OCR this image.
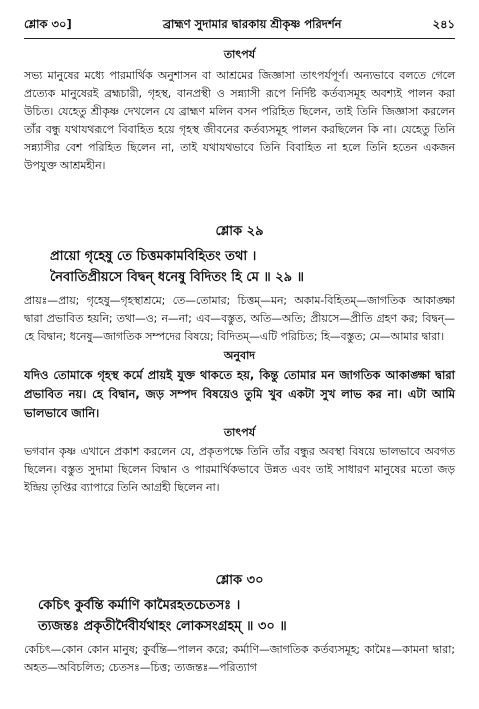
শ্লোক ৩০]	ব্রাহ্মণ সুদামার দ্বারকায় শ্রীকৃষ্ণ পরিদর্শন	২৪১
তাৎপর্য

সভ্য মানুষের মধ্যে পারমার্থিক অনুশাসন বা আশ্রমের জিজ্ঞাসা তাৎপর্যপূর্ণ। অন্যভাবে বলতে গেলে প্রত্যেক মানুষেরই ব্রহ্মচারী, গৃহস্থ, বানপ্রস্থী ও সন্ন্যাসী রূপে নির্দিষ্ট কর্তব্যসমূহ অবশ্যই পালন করা উচিত। যেহেতু শ্রীকৃষ্ণ দেখলেন যে ব্রাহ্মণ মলিন বসন পরিহিত ছিলেন, তাই তিনি জিজ্ঞাসা করলেন তাঁর বন্ধু যথাযথরূপে বিবাহিত হয়ে গৃহস্থ জীবনের কর্তব্যসমূহ পালন করছিলেন কি না। যেহেতু তিনি সন্ন্যাসীর বেশ পরিহিত ছিলেন না, তাই যথাযথভাবে তিনি বিবাহিত না হলে তিনি হতেন একজন উপযুক্ত আশ্রমহীন।

শ্লোক ২৯
প্রায়ো গৃহেষু তে চিত্তমকামবিহিতং তথা ।
নৈবাতিপ্রীয়সে বিদ্বন্ ধনেষু বিদিতং হি মে ॥ ২৯ ॥

প্রায়ঃ—প্রায়; গৃহেষু—গৃহস্থাশ্রমে; তে—তোমার; চিত্তম্—মন; অকাম-বিহিতম্—জাগতিক আকাঙ্ক্ষা দ্বারা প্রভাবিত হয়নি; তথা—ও; ন—না; এব—বস্তুত, অতি—অতি; প্রীয়সে—প্রীতি গ্রহণ কর; বিদ্বন্—হে বিদ্বান; ধনেষু—জাগতিক সম্পদের বিষয়ে; বিদিতম্—এটি পরিচিত; হি—বস্তুত; মে—আমার দ্বারা।

অনুবাদ

যদিও তোমাকে গৃহস্থ কর্মে প্রায়ই যুক্ত থাকতে হয়, কিন্তু তোমার মন জাগতিক আকাঙ্ক্ষা দ্বারা প্রভাবিত নয়। হে বিদ্বান, জড় সম্পদ বিষয়েও তুমি খুব একটা সুখ লাভ কর না। এটা আমি ভালভাবে জানি।

তাৎপর্য

ভগবান কৃষ্ণ এখানে প্রকাশ করলেন যে, প্রকৃতপক্ষে তিনি তাঁর বন্ধুর অবস্থা বিষয়ে ভালভাবে অবগত ছিলেন। বস্তুত সুদামা ছিলেন বিদ্বান ও পারমার্থিকভাবে উন্নত এবং তাই সাধারণ মানুষের মতো জড় ইন্দ্রিয় তৃপ্তির ব্যাপারে তিনি আগ্রহী ছিলেন না।

শ্লোক ৩০
কেচিৎ কুর্বন্তি কর্মাণি কামৈরহতচেতসঃ ।
ত্যজন্তঃ প্রকৃতীর্দৈবীর্যথাহং লোকসংগ্রহম্ ॥ ৩০ ॥

কেচিৎ—কোন কোন মানুষ; কুর্বন্তি—পালন করে; কর্মাণি—জাগতিক কর্তব্যসমূহ; কামৈঃ—কামনা দ্বারা; অহত—অবিচলিত; চেতসঃ—চিত্ত; ত্যজন্তঃ—পরিত্যাগ
